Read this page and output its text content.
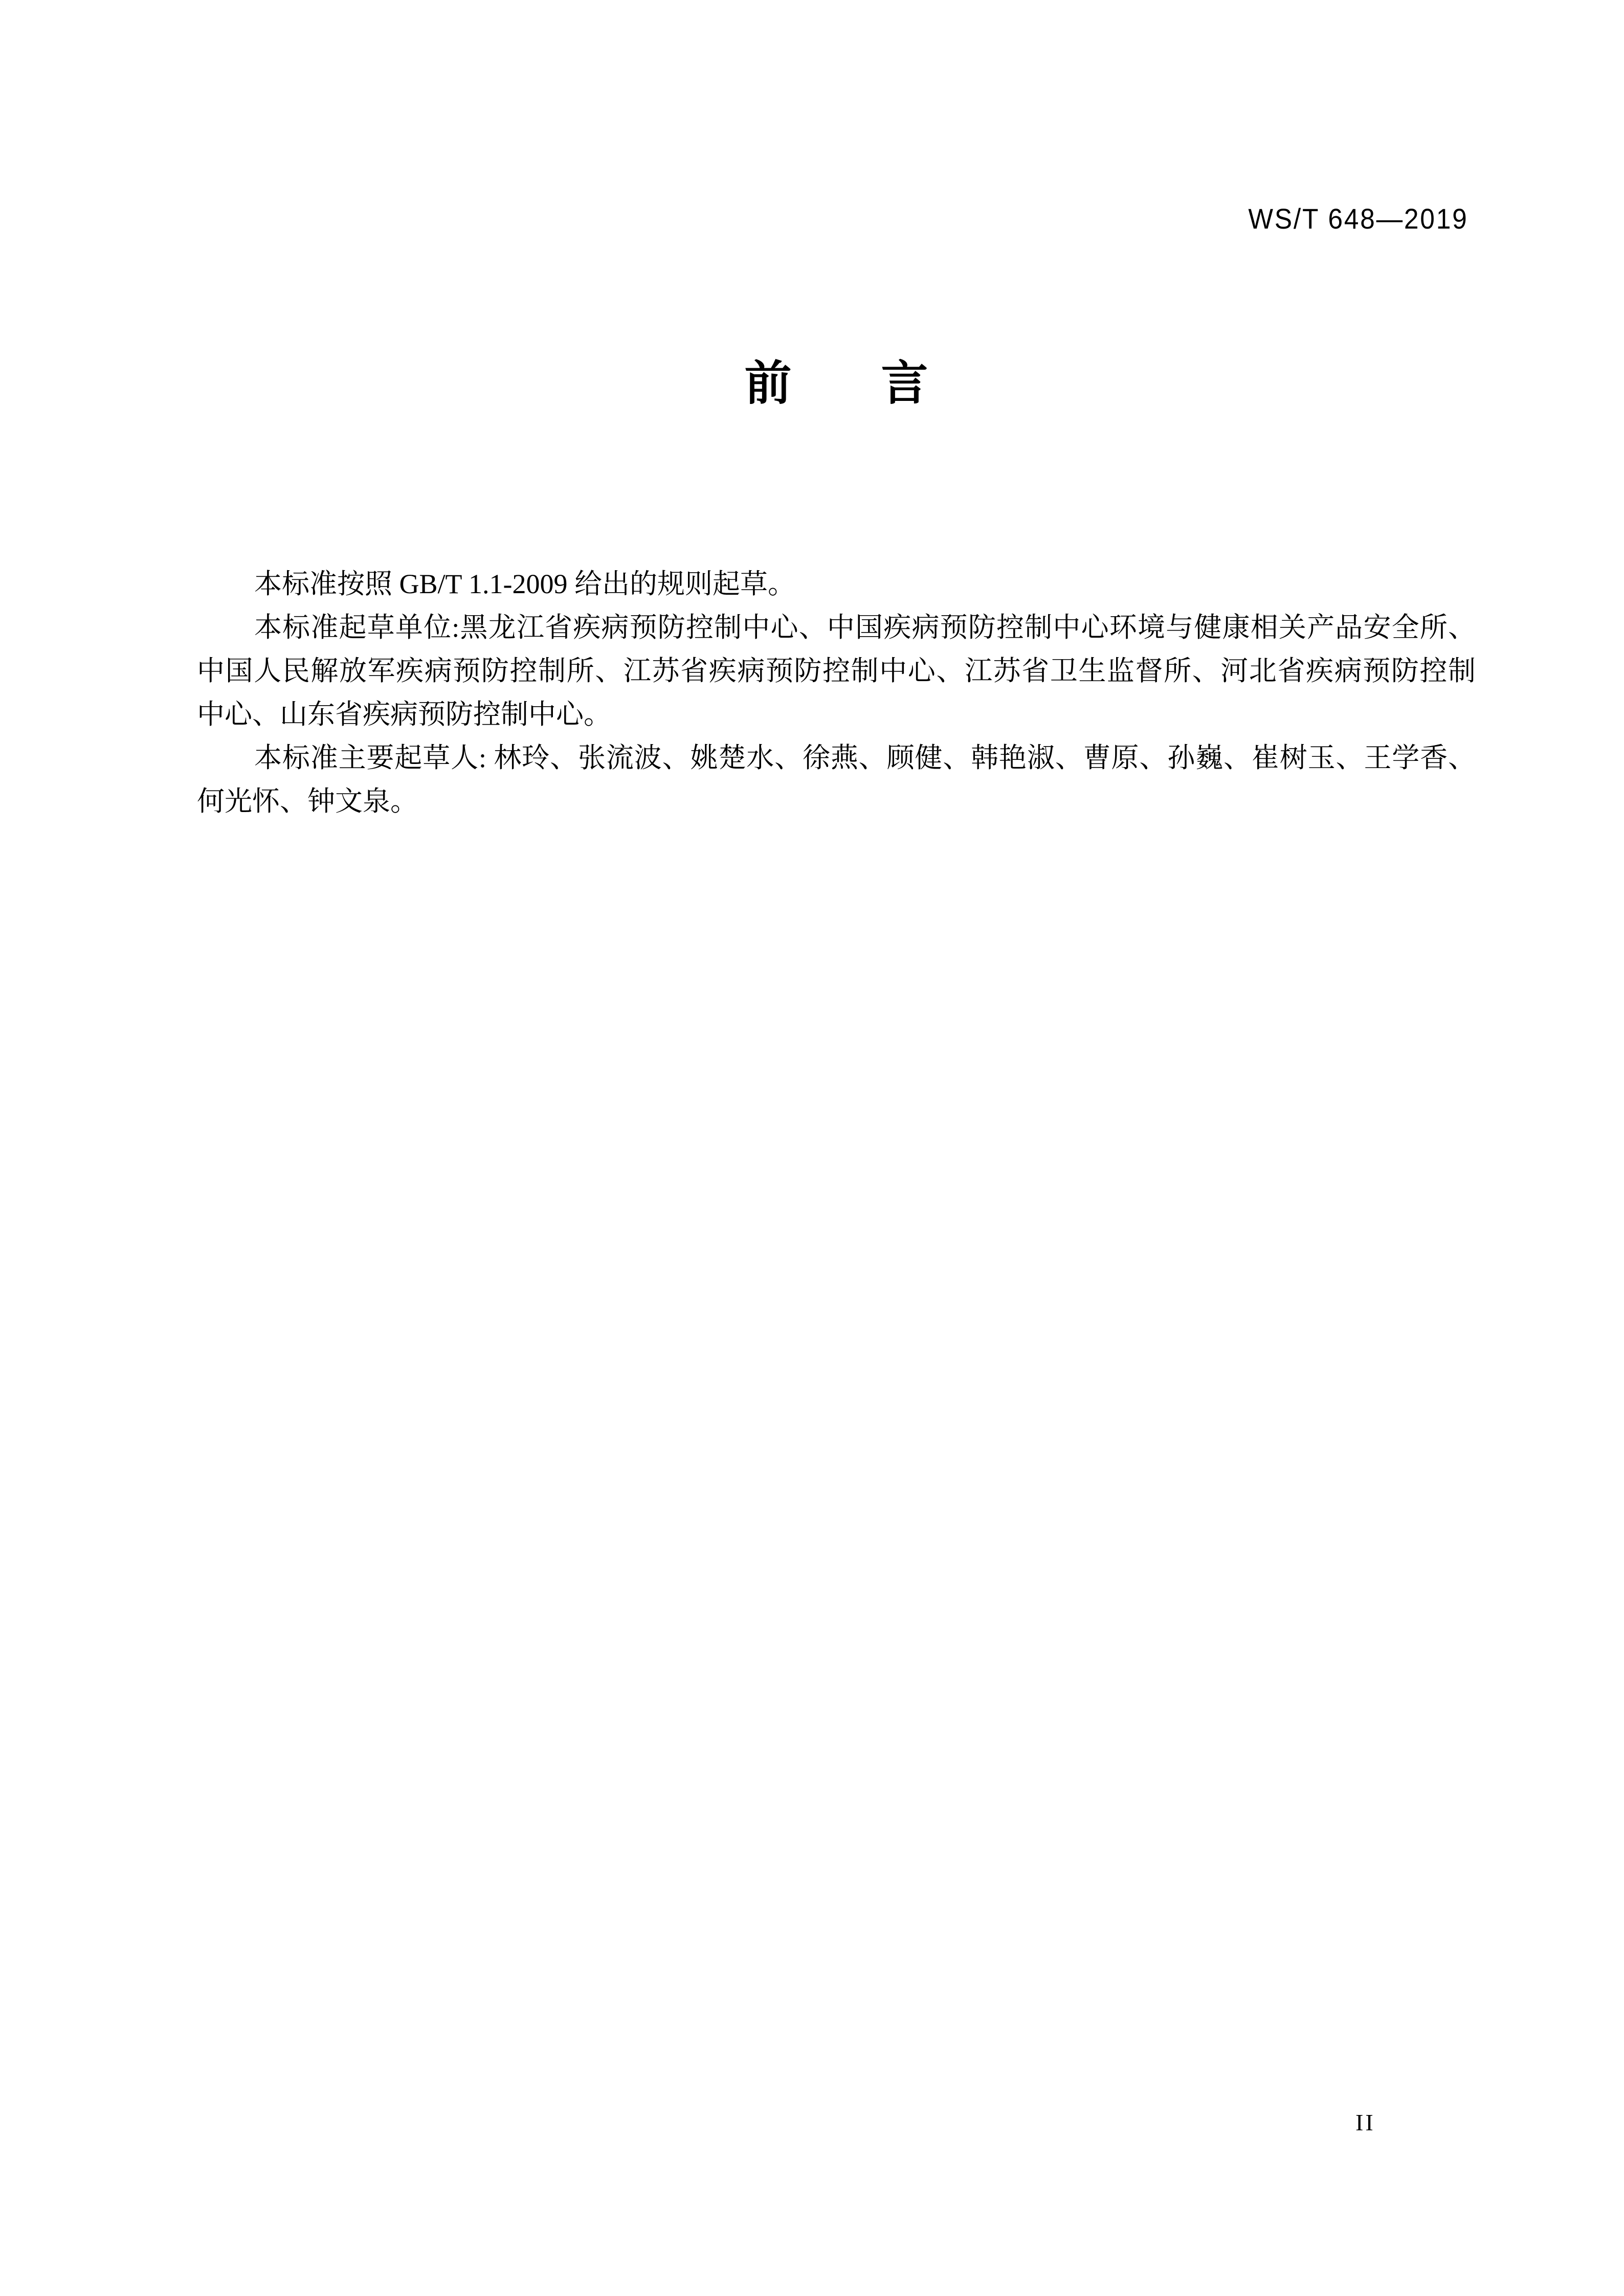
WS/T 648—2019
前 言
本标准按照 GB/T 1.1-2009 给出的规则起草。
本标准起草单位:黑龙江省疾病预防控制中心、中国疾病预防控制中心环境与健康相关产品安全所、
中国人民解放军疾病预防控制所、江苏省疾病预防控制中心、江苏省卫生监督所、河北省疾病预防控制
中心、山东省疾病预防控制中心。
本标准主要起草人: 林玲、张流波、姚楚水、徐燕、顾健、韩艳淑、曹原、孙巍、崔树玉、王学香、
何光怀、钟文泉。
II
